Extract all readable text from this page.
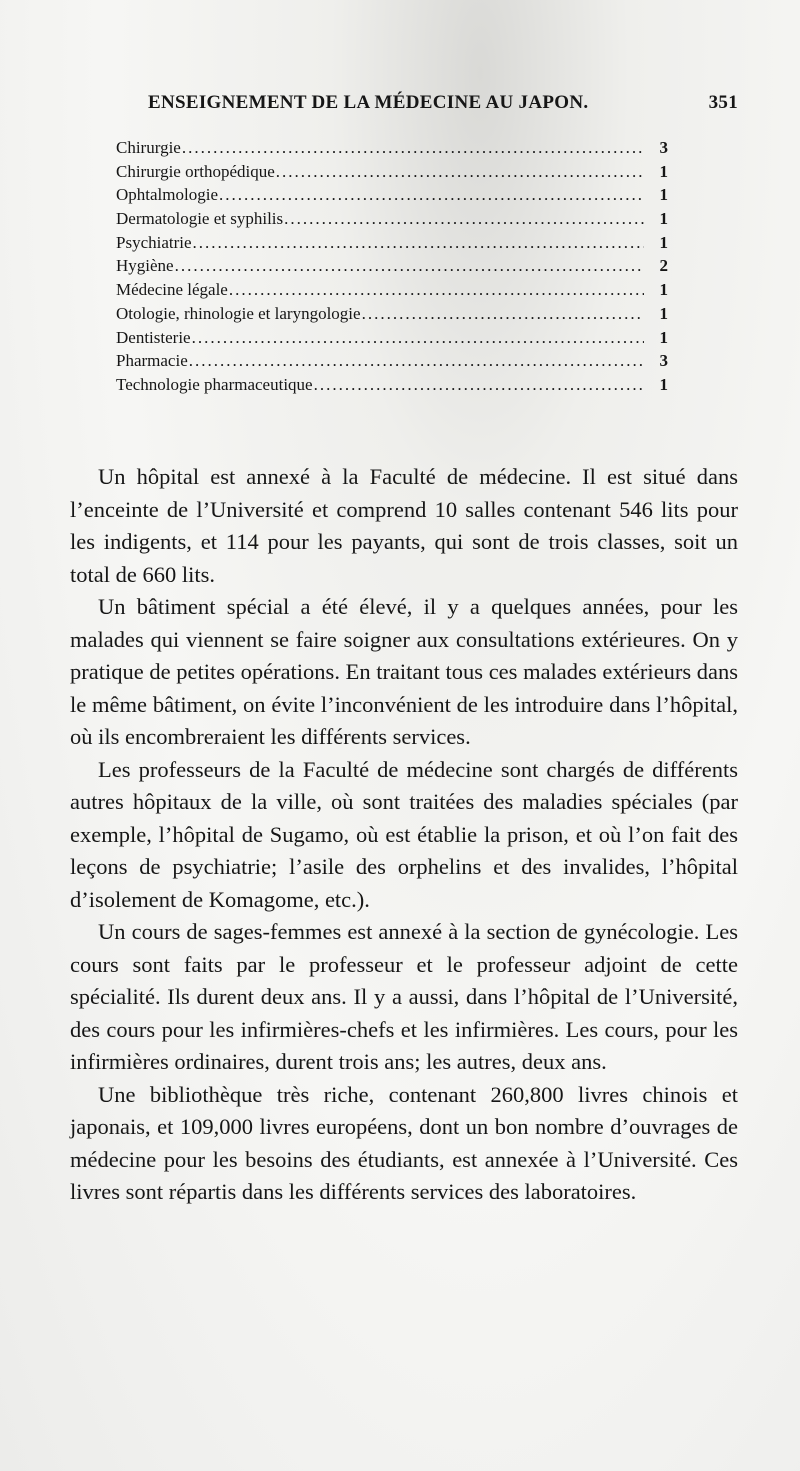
ENSEIGNEMENT DE LA MÉDECINE AU JAPON.	351
Chirurgie .....	3
Chirurgie orthopédique .....	1
Ophtalmologie .....	1
Dermatologie et syphilis .....	1
Psychiatrie .....	1
Hygiène .....	2
Médecine légale .....	1
Otologie, rhinologie et laryngologie .....	1
Dentisterie .....	1
Pharmacie .....	3
Technologie pharmaceutique .....	1

Un hôpital est annexé à la Faculté de médecine. Il est situé dans l’enceinte de l’Université et comprend 10 salles contenant 546 lits pour les indigents, et 114 pour les payants, qui sont de trois classes, soit un total de 660 lits.

Un bâtiment spécial a été élevé, il y a quelques années, pour les malades qui viennent se faire soigner aux consultations extérieures. On y pratique de petites opérations. En traitant tous ces malades extérieurs dans le même bâtiment, on évite l’inconvénient de les introduire dans l’hôpital, où ils encombreraient les différents services.

Les professeurs de la Faculté de médecine sont chargés de différents autres hôpitaux de la ville, où sont traitées des maladies spéciales (par exemple, l’hôpital de Sugamo, où est établie la prison, et où l’on fait des leçons de psychiatrie; l’asile des orphelins et des invalides, l’hôpital d’isolement de Komagome, etc.).

Un cours de sages-femmes est annexé à la section de gynécologie. Les cours sont faits par le professeur et le professeur adjoint de cette spécialité. Ils durent deux ans. Il y a aussi, dans l’hôpital de l’Université, des cours pour les infirmières-chefs et les infirmières. Les cours, pour les infirmières ordinaires, durent trois ans; les autres, deux ans.

Une bibliothèque très riche, contenant 260,800 livres chinois et japonais, et 109,000 livres européens, dont un bon nombre d’ouvrages de médecine pour les besoins des étudiants, est annexée à l’Université. Ces livres sont répartis dans les différents services des laboratoires.
